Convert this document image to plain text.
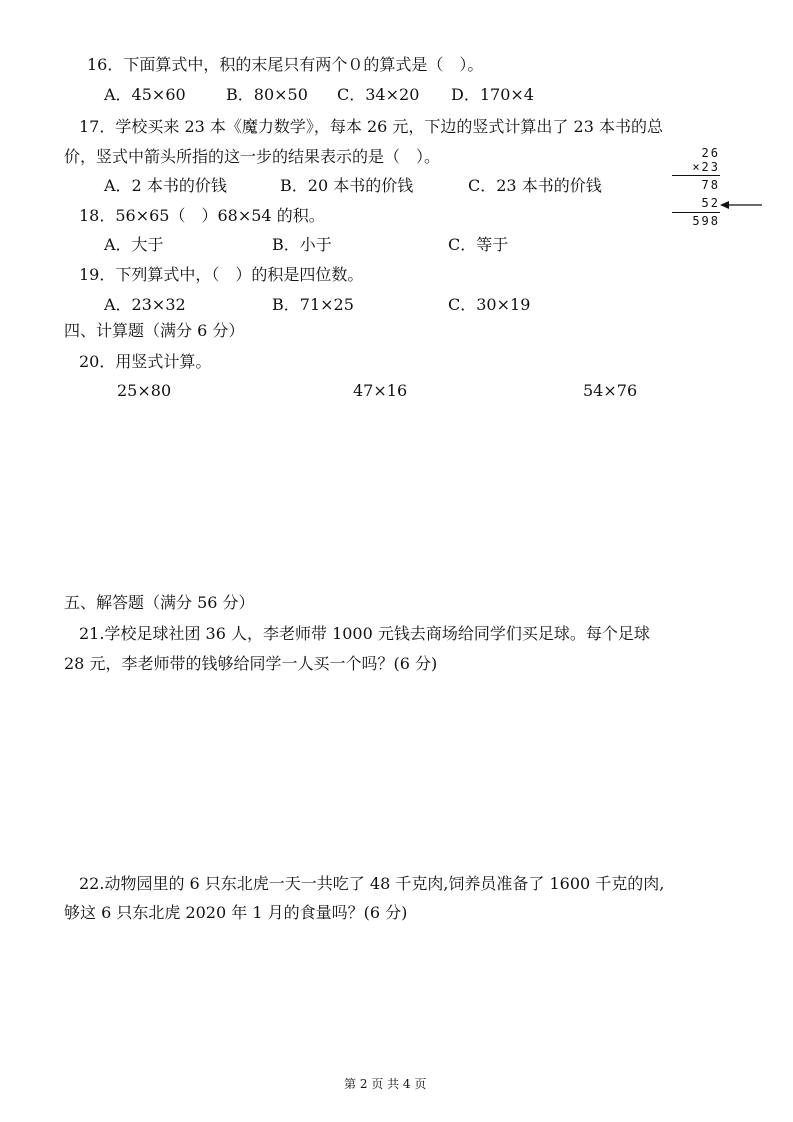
16．下面算式中，积的末尾只有两个０的算式是（　）。
A．45×60	B．80×50 C．34×20 D．170×4
17．学校买来 23 本《魔力数学》，每本 26 元，下边的竖式计算出了 23 本书的总
价，竖式中箭头所指的这一步的结果表示的是（　）。
A．2 本书的价钱	B．20 本书的价钱	C．23 本书的价钱
26
×23
78
52
598
18．56×65（　）68×54 的积。
A．大于	B．小于	C．等于
19．下列算式中，（　）的积是四位数。
A．23×32	B．71×25	C．30×19
四、计算题（满分 6 分）
20．用竖式计算。
25×80	47×16	54×76
五、解答题（满分 56 分）
21.学校足球社团 36 人，李老师带 1000 元钱去商场给同学们买足球。每个足球
28 元，李老师带的钱够给同学一人买一个吗？(6 分)
22.动物园里的 6 只东北虎一天一共吃了 48 千克肉,饲养员准备了 1600 千克的肉,
够这 6 只东北虎 2020 年 1 月的食量吗？(6 分)
第 2 页 共 4 页
